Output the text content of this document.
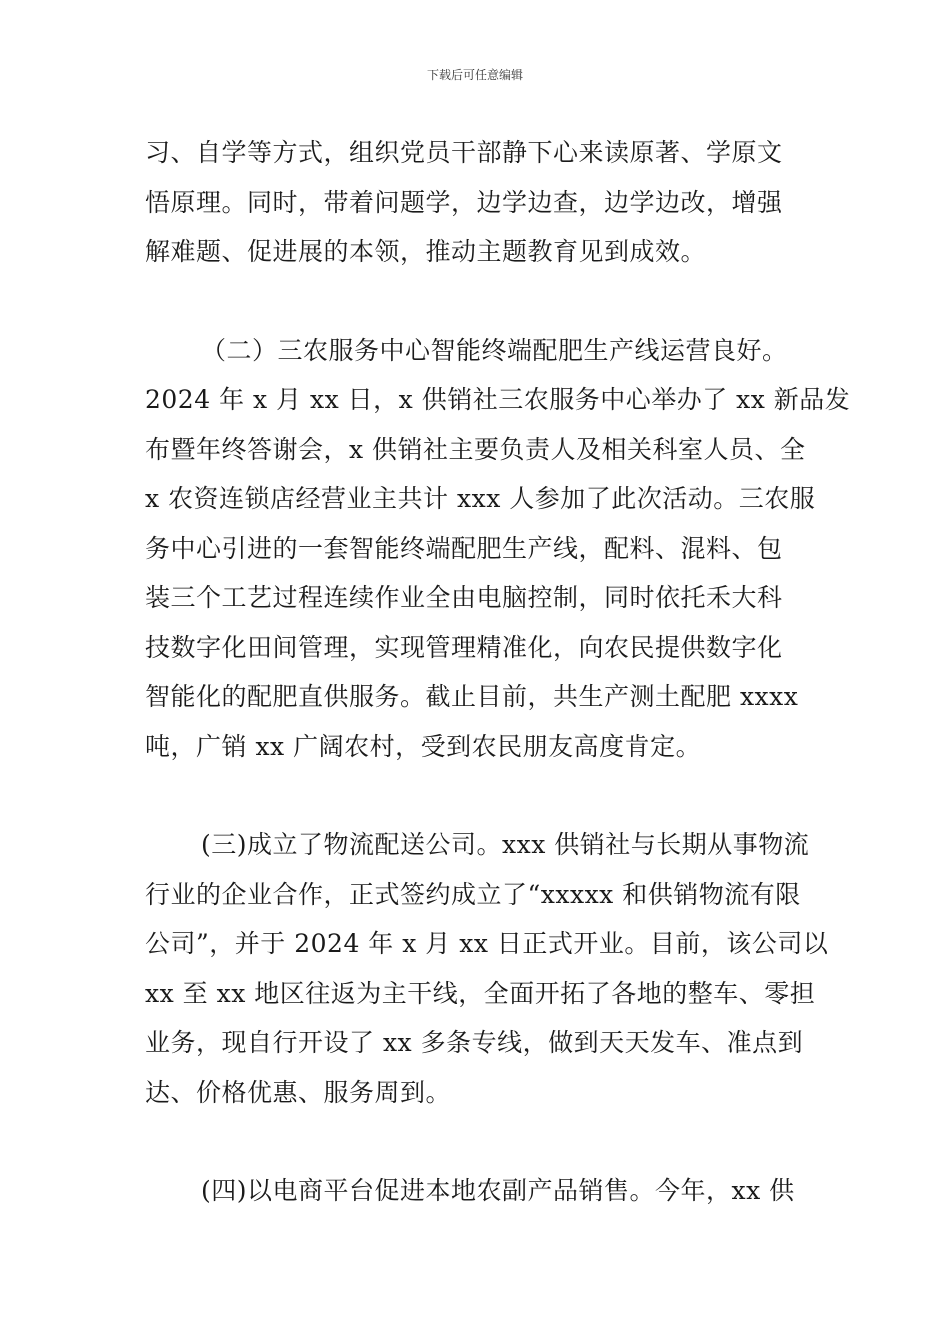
下载后可任意编辑

习、自学等方式，组织党员干部静下心来读原著、学原文
悟原理。同时，带着问题学，边学边查，边学边改，增强
解难题、促进展的本领，推动主题教育见到成效。

（二）三农服务中心智能终端配肥生产线运营良好。
2024 年 x 月 xx 日，x 供销社三农服务中心举办了 xx 新品发
布暨年终答谢会，x 供销社主要负责人及相关科室人员、全
x 农资连锁店经营业主共计 xxx 人参加了此次活动。三农服
务中心引进的一套智能终端配肥生产线，配料、混料、包
装三个工艺过程连续作业全由电脑控制，同时依托禾大科
技数字化田间管理，实现管理精准化，向农民提供数字化
智能化的配肥直供服务。截止目前，共生产测土配肥 xxxx
吨，广销 xx 广阔农村，受到农民朋友高度肯定。

(三)成立了物流配送公司。xxx 供销社与长期从事物流
行业的企业合作，正式签约成立了“xxxxx 和供销物流有限
公司”，并于 2024 年 x 月 xx 日正式开业。目前，该公司以
xx 至 xx 地区往返为主干线，全面开拓了各地的整车、零担
业务，现自行开设了 xx 多条专线，做到天天发车、准点到
达、价格优惠、服务周到。

(四)以电商平台促进本地农副产品销售。今年，xx 供
